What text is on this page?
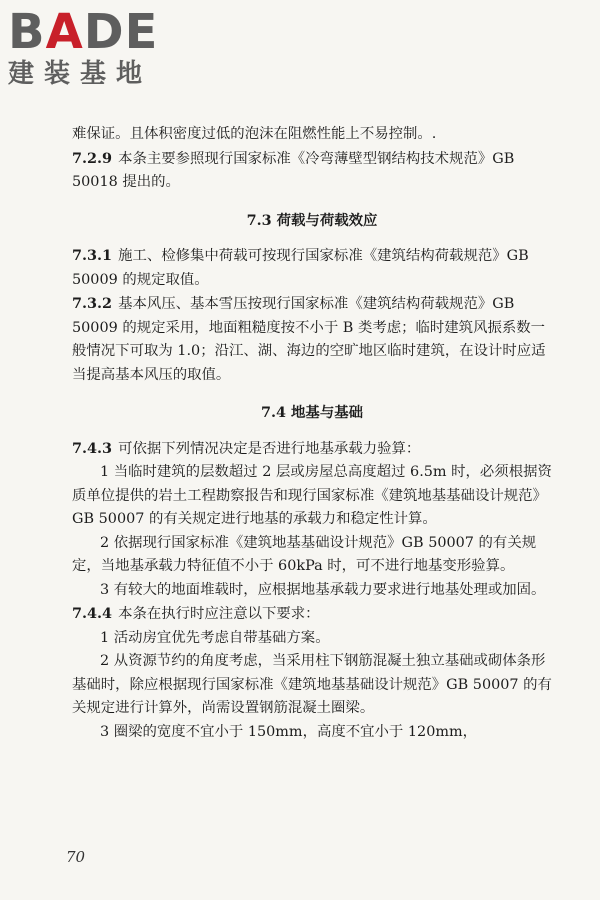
BADE
建装基地

难保证。且体积密度过低的泡沫在阻燃性能上不易控制。.

7.2.9 本条主要参照现行国家标准《冷弯薄壁型钢结构技术规范》GB 50018 提出的。

7.3 荷载与荷载效应

7.3.1 施工、检修集中荷载可按现行国家标准《建筑结构荷载规范》GB 50009 的规定取值。

7.3.2 基本风压、基本雪压按现行国家标准《建筑结构荷载规范》GB 50009 的规定采用，地面粗糙度按不小于 B 类考虑；临时建筑风振系数一般情况下可取为 1.0；沿江、湖、海边的空旷地区临时建筑，在设计时应适当提高基本风压的取值。

7.4 地基与基础

7.4.3 可依据下列情况决定是否进行地基承载力验算：

1 当临时建筑的层数超过 2 层或房屋总高度超过 6.5m 时，必须根据资质单位提供的岩土工程勘察报告和现行国家标准《建筑地基基础设计规范》GB 50007 的有关规定进行地基的承载力和稳定性计算。

2 依据现行国家标准《建筑地基基础设计规范》GB 50007 的有关规定，当地基承载力特征值不小于 60kPa 时，可不进行地基变形验算。

3 有较大的地面堆载时，应根据地基承载力要求进行地基处理或加固。

7.4.4 本条在执行时应注意以下要求：

1 活动房宜优先考虑自带基础方案。

2 从资源节约的角度考虑，当采用柱下钢筋混凝土独立基础或砌体条形基础时，除应根据现行国家标准《建筑地基基础设计规范》GB 50007 的有关规定进行计算外，尚需设置钢筋混凝土圈梁。

3 圈梁的宽度不宜小于 150mm，高度不宜小于 120mm，

70
